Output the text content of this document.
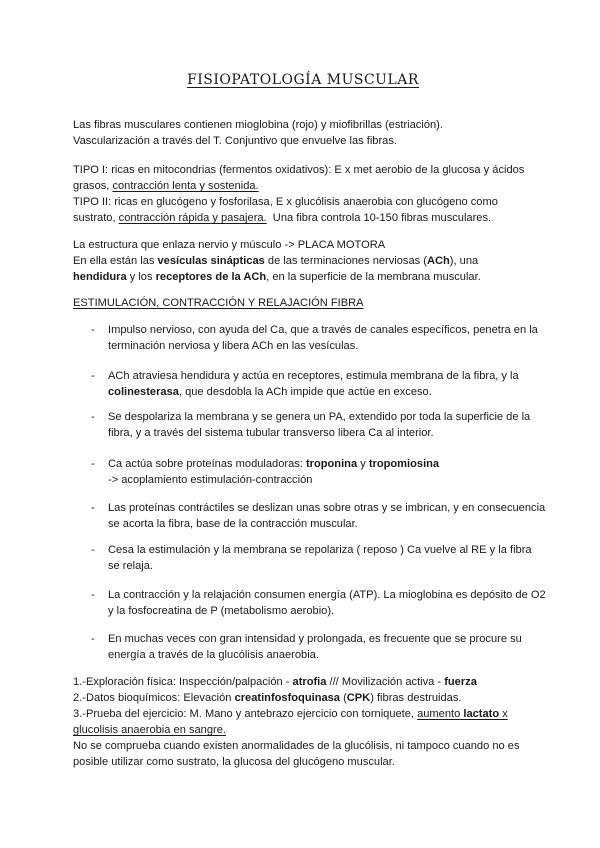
FISIOPATOLOGÍA MUSCULAR

Las fibras musculares contienen mioglobina (rojo) y miofibrillas (estriación).

Vascularización a través del T. Conjuntivo que envuelve las fibras.

TIPO I: ricas en mitocondrias (fermentos oxidativos): E x met aerobio de la glucosa y ácidos

grasos, contracción lenta y sostenida.

TIPO II: ricas en glucógeno y fosforilasa, E x glucólisis anaerobia con glucógeno como

sustrato, contracción rápida y pasajera.  Una fibra controla 10-150 fibras musculares.

La estructura que enlaza nervio y músculo -> PLACA MOTORA

En ella están las vesículas sinápticas de las terminaciones nerviosas (ACh), una

hendidura y los receptores de la ACh, en la superficie de la membrana muscular.

ESTIMULACIÓN, CONTRACCIÓN Y RELAJACIÓN FIBRA
- Impulso nervioso, con ayuda del Ca, que a través de canales específicos, penetra en la terminación nerviosa y libera ACh en las vesículas.
- ACh atraviesa hendidura y actúa en receptores, estimula membrana de la fibra, y la colinesterasa, que desdobla la ACh impide que actúe en exceso.
- Se despolariza la membrana y se genera un PA, extendido por toda la superficie de la fibra, y a través del sistema tubular transverso libera Ca al interior.
- Ca actúa sobre proteínas moduladoras: troponina y tropomiosina
-> acoplamiento estimulación-contracción
- Las proteínas contráctiles se deslizan unas sobre otras y se imbrican, y en consecuencia se acorta la fibra, base de la contracción muscular.
- Cesa la estimulación y la membrana se repolariza ( reposo ) Ca vuelve al RE y la fibra se relaja.
- La contracción y la relajación consumen energía (ATP). La mioglobina es depósito de O2 y la fosfocreatina de P (metabolismo aerobio).
- En muchas veces con gran intensidad y prolongada, es frecuente que se procure su energía a través de la glucólisis anaerobia.

1.-Exploración física: Inspección/palpación - atrofia /// Movilización activa - fuerza

2.-Datos bioquímicos: Elevación creatinfosfoquinasa (CPK) fibras destruidas.

3.-Prueba del ejercicio: M. Mano y antebrazo ejercicio con torniquete, aumento lactato x

glucolisis anaerobia en sangre.

No se comprueba cuando existen anormalidades de la glucólisis, ni tampoco cuando no es posible utilizar como sustrato, la glucosa del glucógeno muscular.
